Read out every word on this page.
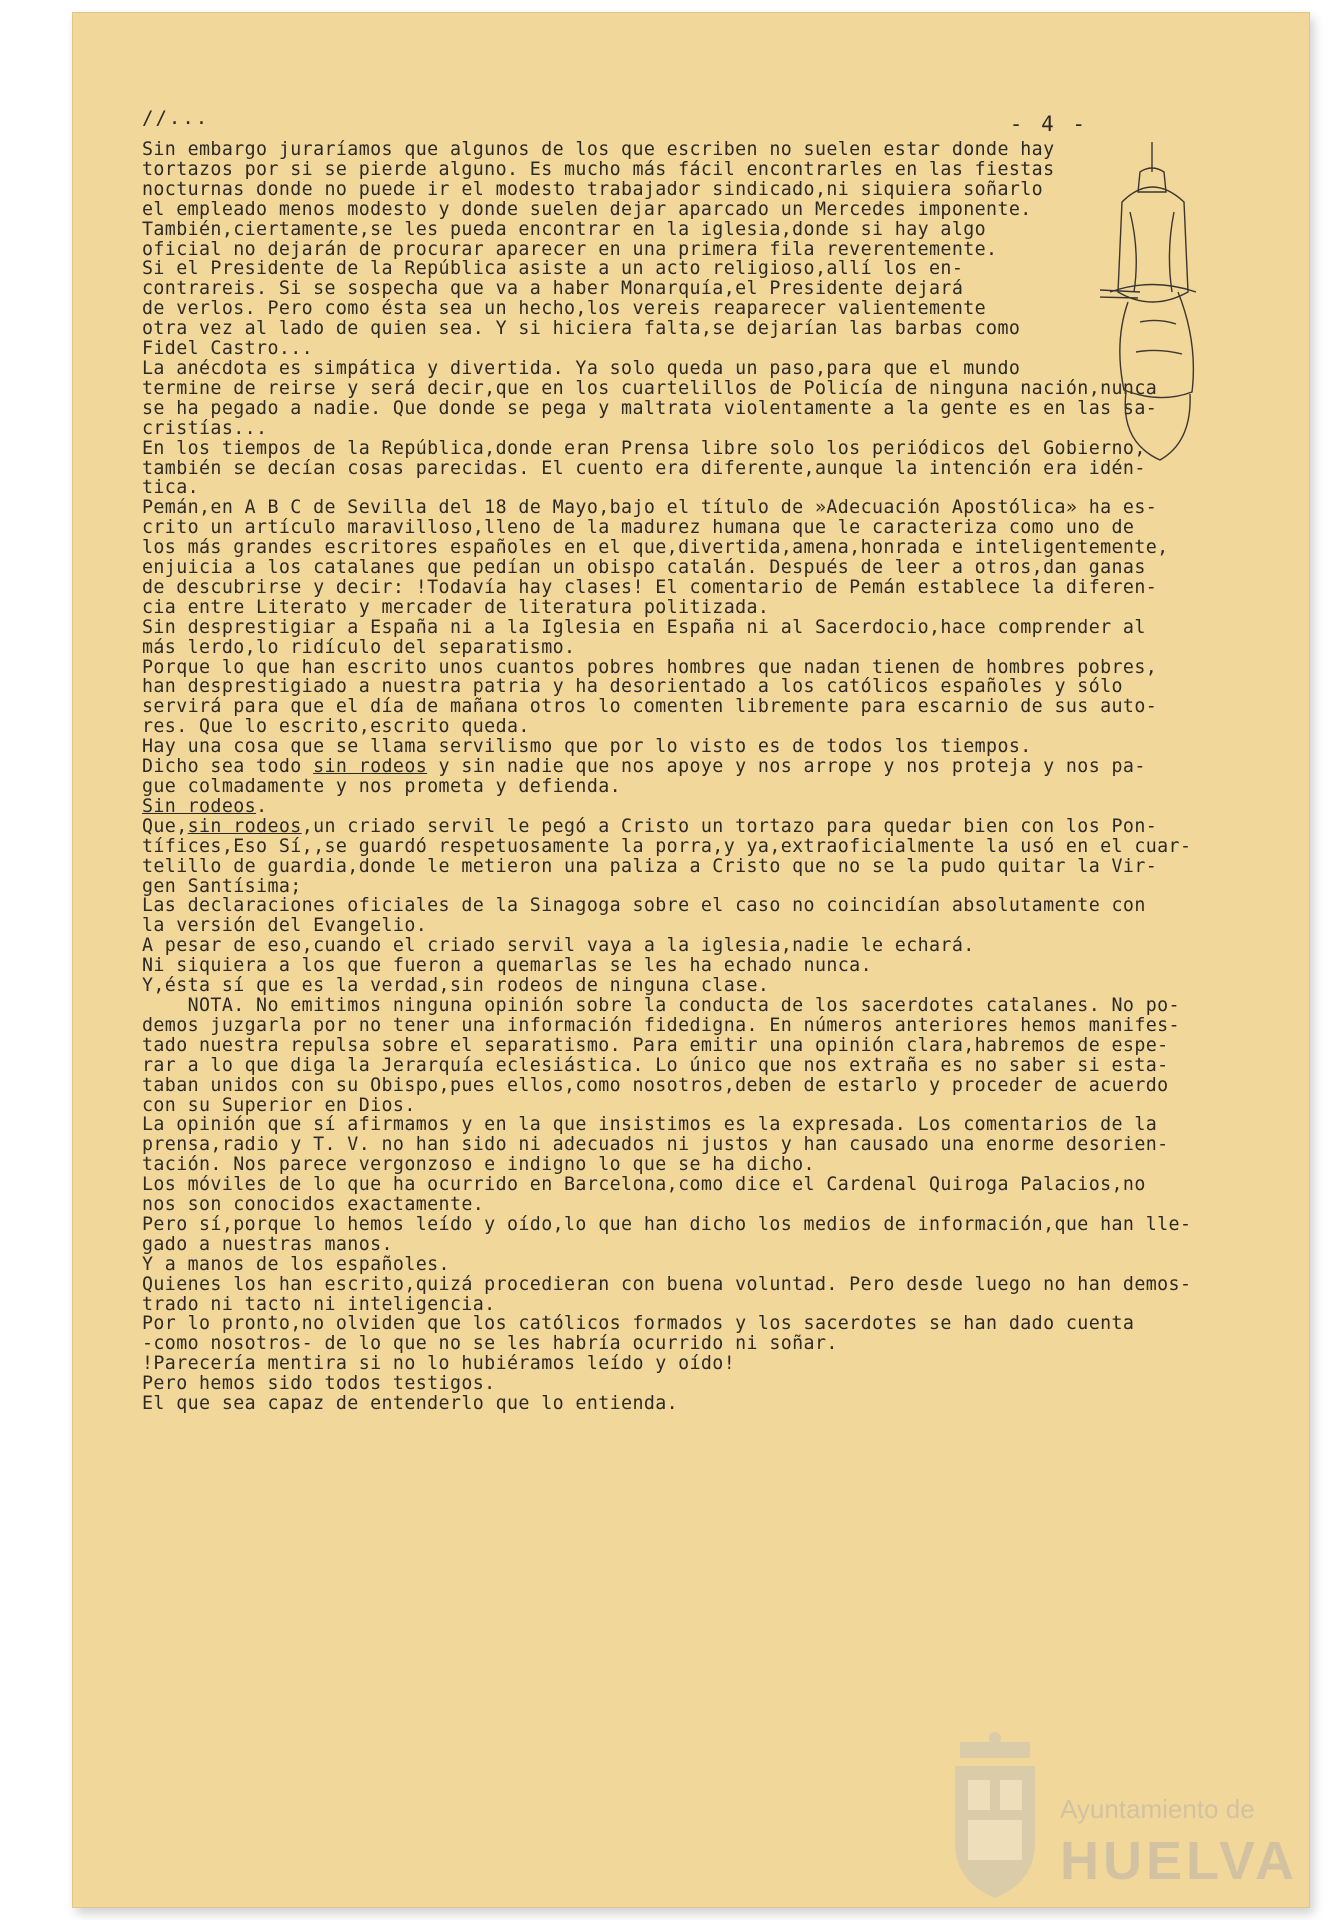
//...	- 4 -

Sin embargo juraríamos que algunos de los que escriben no suelen estar donde hay

tortazos por si se pierde alguno. Es mucho más fácil encontrarles en las fiestas

nocturnas donde no puede ir el modesto trabajador sindicado,ni siquiera soñarlo

el empleado menos modesto y donde suelen dejar aparcado un Mercedes imponente.

También,ciertamente,se les pueda encontrar en la iglesia,donde si hay algo

oficial no dejarán de procurar aparecer en una primera fila reverentemente.

Si el Presidente de la República asiste a un acto religioso,allí los en-

contrareis. Si se sospecha que va a haber Monarquía,el Presidente dejará

de verlos. Pero como ésta sea un hecho,los vereis reaparecer valientemente

otra vez al lado de quien sea. Y si hiciera falta,se dejarían las barbas como

Fidel Castro...

La anécdota es simpática y divertida. Ya solo queda un paso,para que el mundo

termine de reirse y será decir,que en los cuartelillos de Policía de ninguna nación,nunca

se ha pegado a nadie. Que donde se pega y maltrata violentamente a la gente es en las sa-

cristías...

En los tiempos de la República,donde eran Prensa libre solo los periódicos del Gobierno,

también se decían cosas parecidas. El cuento era diferente,aunque la intención era idén-

tica.

Pemán,en A B C de Sevilla del 18 de Mayo,bajo el título de »Adecuación Apostólica» ha es-

crito un artículo maravilloso,lleno de la madurez humana que le caracteriza como uno de

los más grandes escritores españoles en el que,divertida,amena,honrada e inteligentemente,

enjuicia a los catalanes que pedían un obispo catalán. Después de leer a otros,dan ganas

de descubrirse y decir: !Todavía hay clases! El comentario de Pemán establece la diferen-

cia entre Literato y mercader de literatura politizada.

Sin desprestigiar a España ni a la Iglesia en España ni al Sacerdocio,hace comprender al

más lerdo,lo ridículo del separatismo.

Porque lo que han escrito unos cuantos pobres hombres que nadan tienen de hombres pobres,

han desprestigiado a nuestra patria y ha desorientado a los católicos españoles y sólo

servirá para que el día de mañana otros lo comenten libremente para escarnio de sus auto-

res. Que lo escrito,escrito queda.

Hay una cosa que se llama servilismo que por lo visto es de todos los tiempos.

Dicho sea todo sin rodeos y sin nadie que nos apoye y nos arrope y nos proteja y nos pa-

gue colmadamente y nos prometa y defienda.

Sin rodeos.

Que,sin rodeos,un criado servil le pegó a Cristo un tortazo para quedar bien con los Pon-

tífices,Eso Sí,,se guardó respetuosamente la porra,y ya,extraoficialmente la usó en el cuar-

telillo de guardia,donde le metieron una paliza a Cristo que no se la pudo quitar la Vir-

gen Santísima;

Las declaraciones oficiales de la Sinagoga sobre el caso no coincidían absolutamente con

la versión del Evangelio.

A pesar de eso,cuando el criado servil vaya a la iglesia,nadie le echará.

Ni siquiera a los que fueron a quemarlas se les ha echado nunca.

Y,ésta sí que es la verdad,sin rodeos de ninguna clase.

NOTA. No emitimos ninguna opinión sobre la conducta de los sacerdotes catalanes. No po-

demos juzgarla por no tener una información fidedigna. En números anteriores hemos manifes-

tado nuestra repulsa sobre el separatismo. Para emitir una opinión clara,habremos de espe-

rar a lo que diga la Jerarquía eclesiástica. Lo único que nos extraña es no saber si esta-

taban unidos con su Obispo,pues ellos,como nosotros,deben de estarlo y proceder de acuerdo

con su Superior en Dios.

La opinión que sí afirmamos y en la que insistimos es la expresada. Los comentarios de la

prensa,radio y T. V. no han sido ni adecuados ni justos y han causado una enorme desorien-

tación. Nos parece vergonzoso e indigno lo que se ha dicho.

Los móviles de lo que ha ocurrido en Barcelona,como dice el Cardenal Quiroga Palacios,no

nos son conocidos exactamente.

Pero sí,porque lo hemos leído y oído,lo que han dicho los medios de información,que han lle-

gado a nuestras manos.

Y a manos de los españoles.

Quienes los han escrito,quizá procedieran con buena voluntad. Pero desde luego no han demos-

trado ni tacto ni inteligencia.

Por lo pronto,no olviden que los católicos formados y los sacerdotes se han dado cuenta

-como nosotros- de lo que no se les habría ocurrido ni soñar.

!Parecería mentira si no lo hubiéramos leído y oído!

Pero hemos sido todos testigos.

El que sea capaz de entenderlo que lo entienda.

Ayuntamiento de
HUELVA
